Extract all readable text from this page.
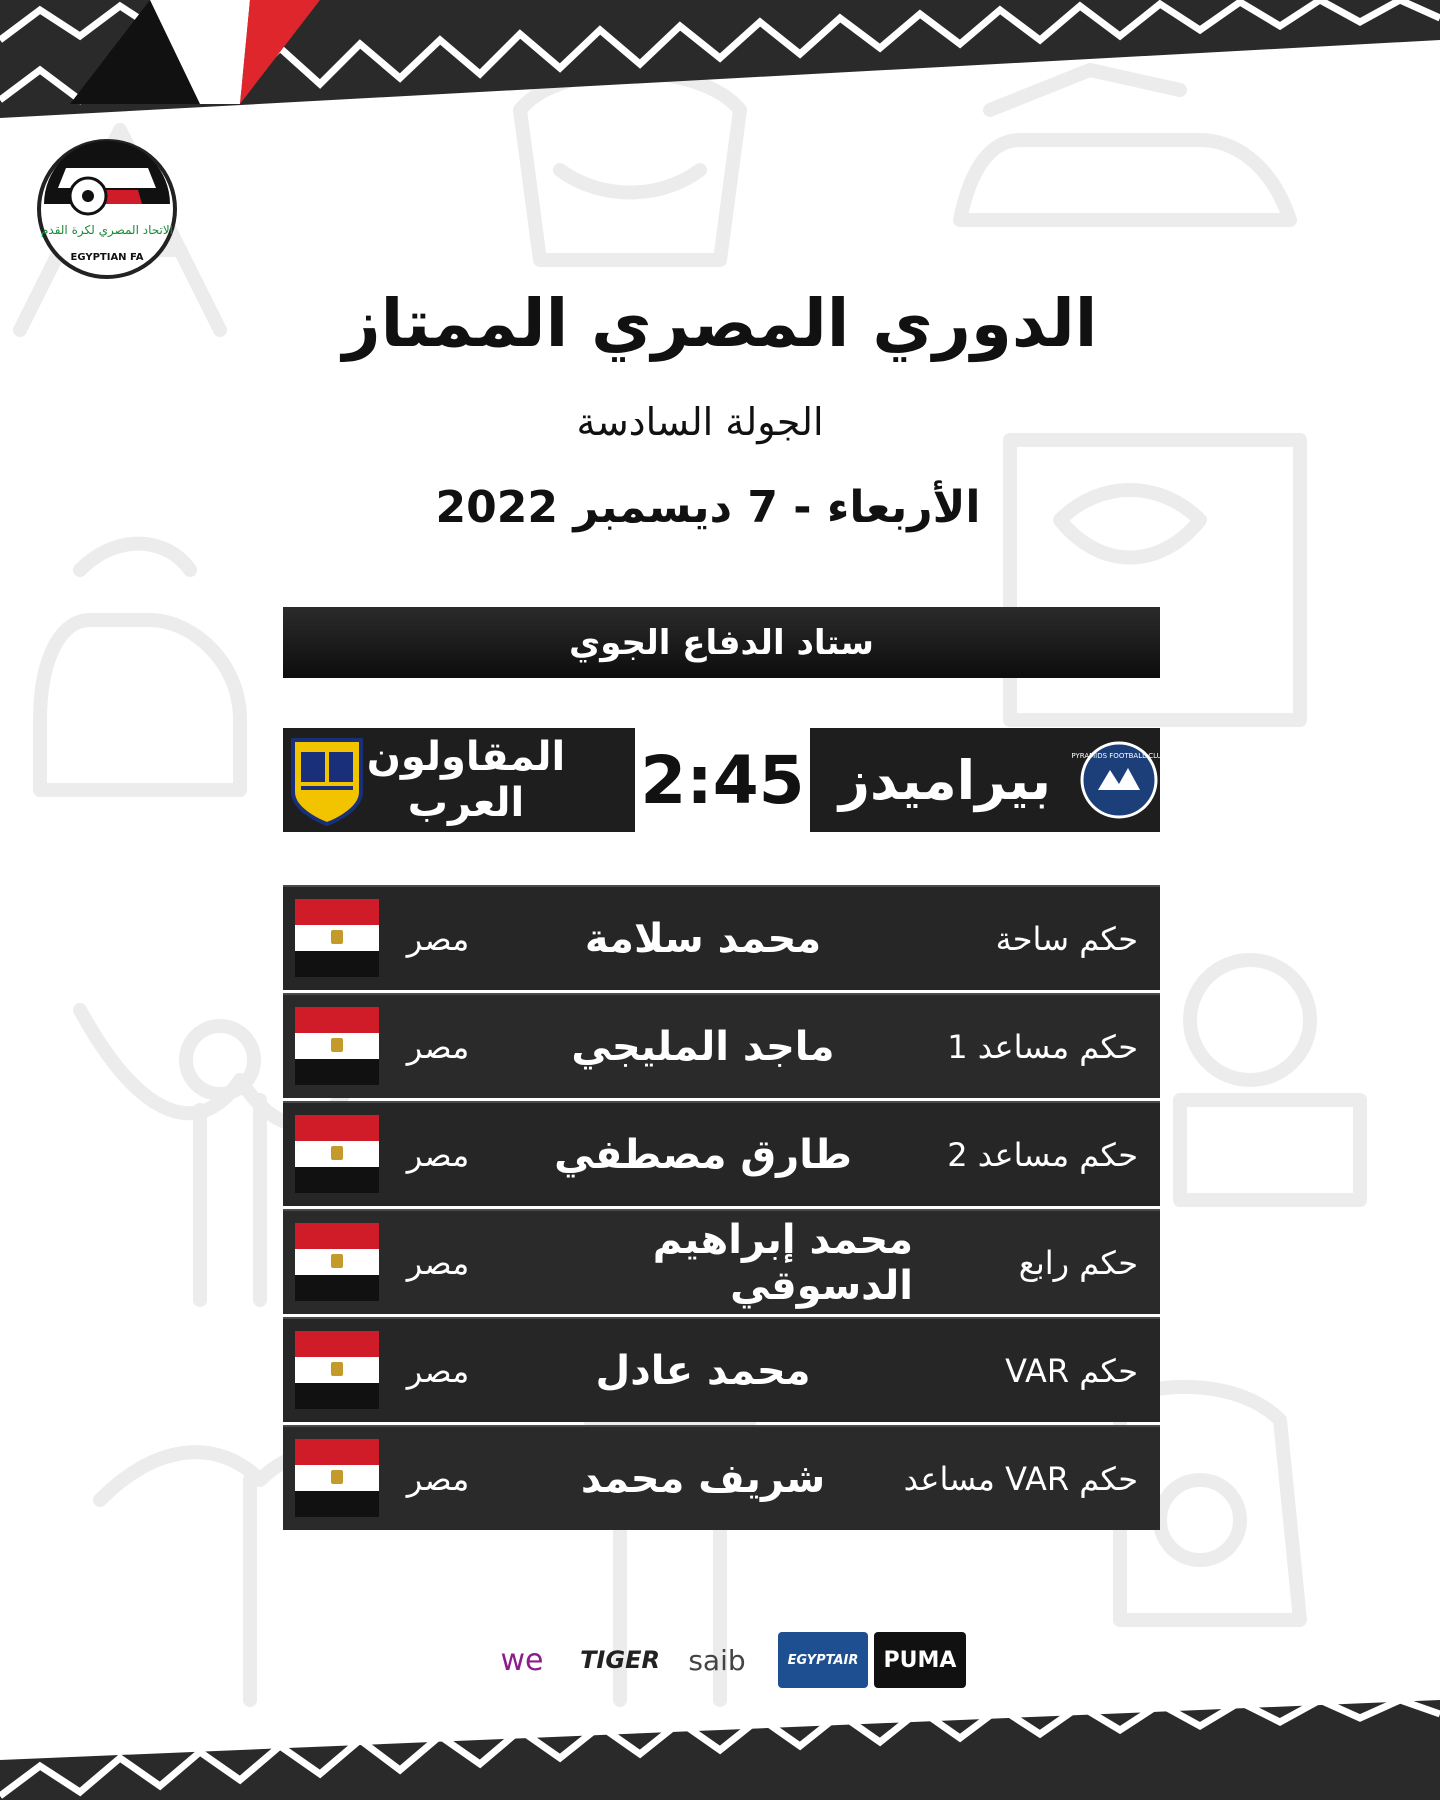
الاتحاد المصري لكرة القدم
EGYPTIAN FA
الدوري المصري الممتاز
الجولة السادسة
الأربعاء - 7 ديسمبر 2022
ستاد الدفاع الجوي
المقاولون
العرب	2:45 بيراميدز	PYRAMIDS FOOTBALL CLUB
مصر	محمد سلامة	حكم ساحة
مصر	ماجد المليجي	حكم مساعد 1
مصر	طارق مصطفي	حكم مساعد 2
مصر	محمد إبراهيم الدسوقي	حكم رابع
مصر	محمد عادل	حكم VAR
مصر	شريف محمد	حكم VAR مساعد
we	TIGER	saib	EGYPTAIR	PUMA
